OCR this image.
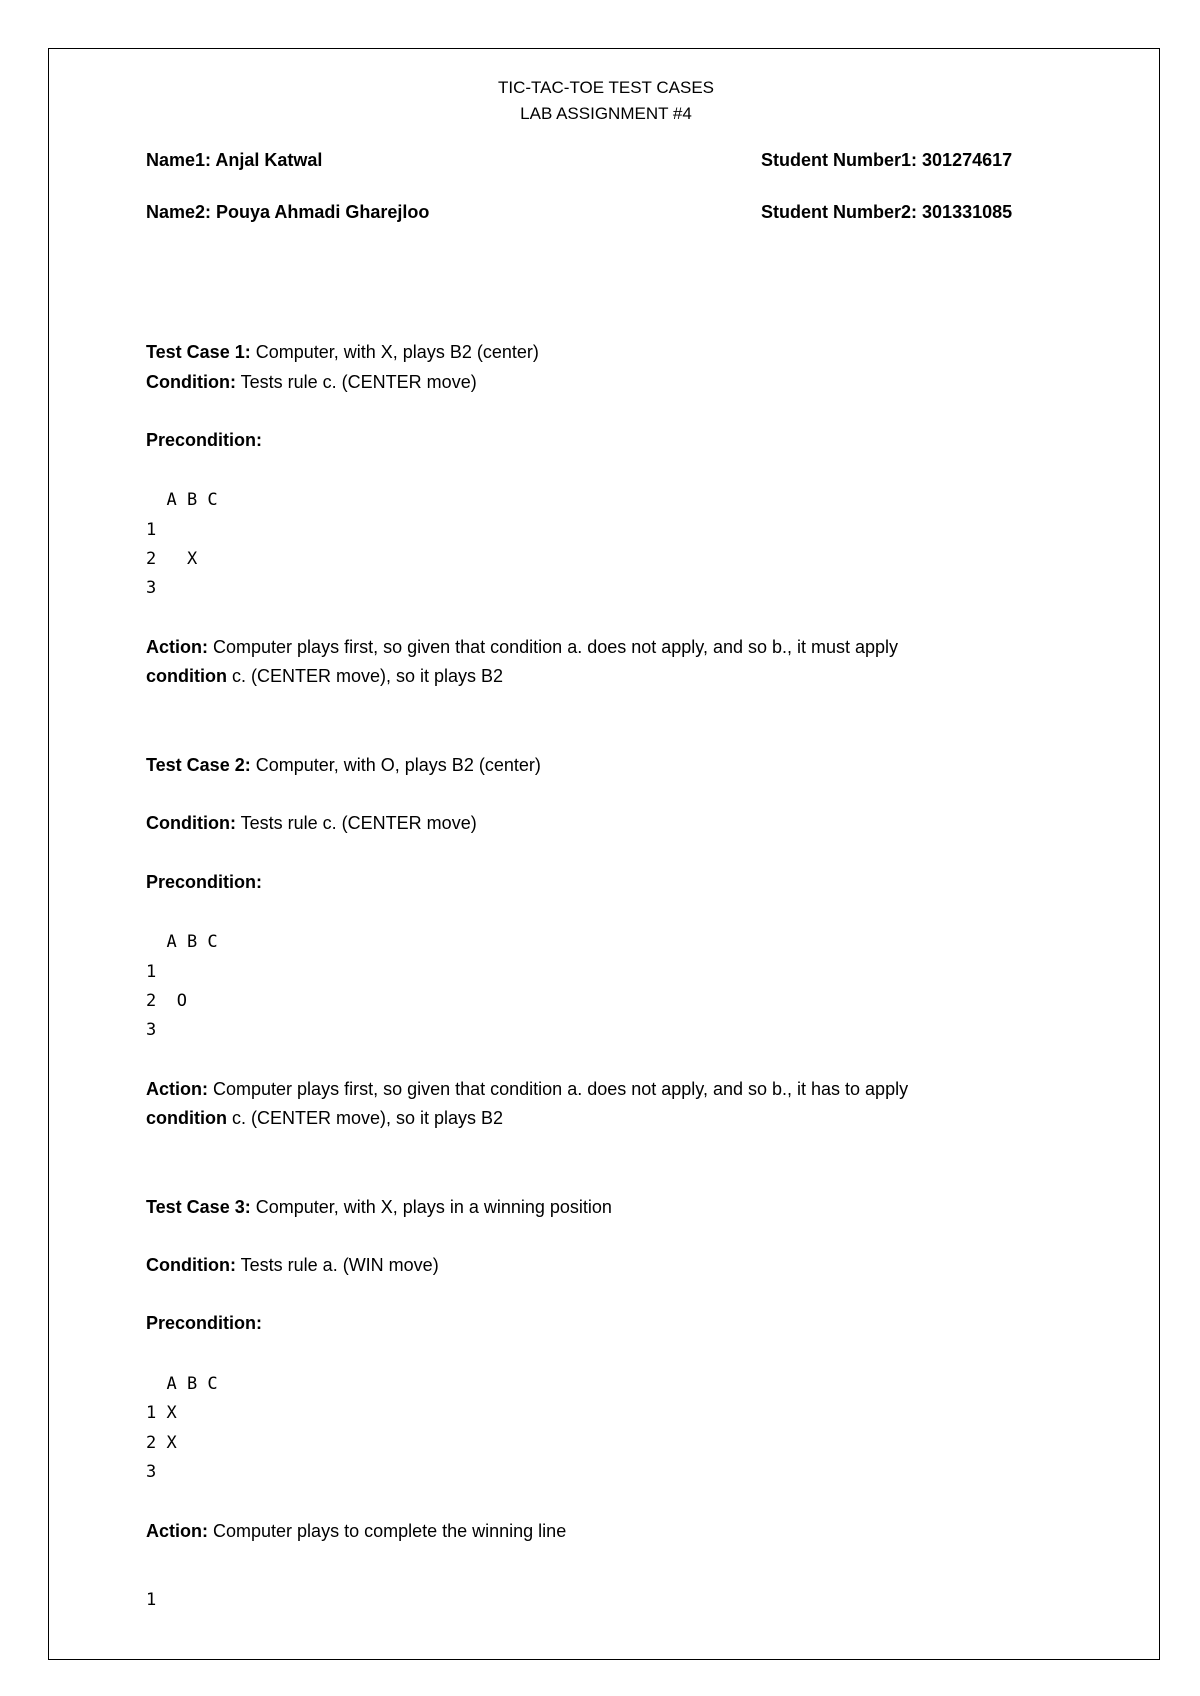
TIC-TAC-TOE TEST CASES
LAB ASSIGNMENT #4
Name1: Anjal Katwal	Student Number1: 301274617
Name2: Pouya Ahmadi Gharejloo	Student Number2: 301331085
Test Case 1: Computer, with X, plays B2 (center)
Condition: Tests rule c. (CENTER move)
Precondition:
A B C
1
2   X
3
Action: Computer plays first, so given that condition a. does not apply, and so b., it must apply
condition c. (CENTER move), so it plays B2
Test Case 2: Computer, with O, plays B2 (center)
Condition: Tests rule c. (CENTER move)
Precondition:
A B C
1
2  O
3
Action: Computer plays first, so given that condition a. does not apply, and so b., it has to apply
condition c. (CENTER move), so it plays B2
Test Case 3: Computer, with X, plays in a winning position
Condition: Tests rule a. (WIN move)
Precondition:
A B C
1 X
2 X
3
Action: Computer plays to complete the winning line
1
